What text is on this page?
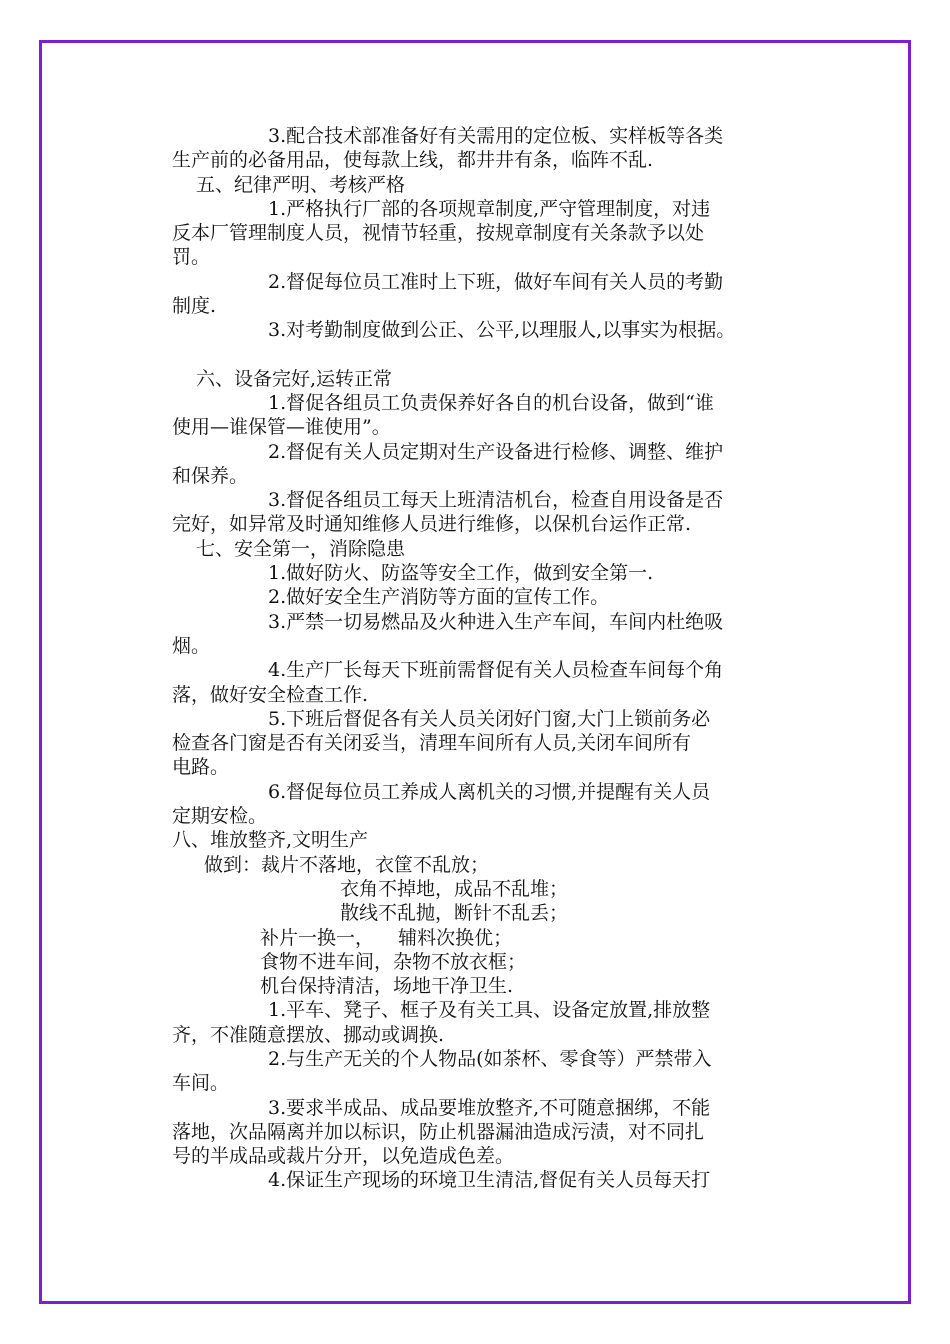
3.配合技术部准备好有关需用的定位板、实样板等各类

生产前的必备用品，使每款上线，都井井有条，临阵不乱.

五、纪律严明、考核严格

1.严格执行厂部的各项规章制度,严守管理制度，对违

反本厂管理制度人员，视情节轻重，按规章制度有关条款予以处

罚。

2.督促每位员工准时上下班，做好车间有关人员的考勤

制度.

3.对考勤制度做到公正、公平,以理服人,以事实为根据。

六、设备完好,运转正常

1.督促各组员工负责保养好各自的机台设备，做到“谁

使用—谁保管—谁使用”。

2.督促有关人员定期对生产设备进行检修、调整、维护

和保养。

3.督促各组员工每天上班清洁机台，检查自用设备是否

完好，如异常及时通知维修人员进行维修，以保机台运作正常.

七、安全第一，消除隐患

1.做好防火、防盗等安全工作，做到安全第一.

2.做好安全生产消防等方面的宣传工作。

3.严禁一切易燃品及火种进入生产车间，车间内杜绝吸

烟。

4.生产厂长每天下班前需督促有关人员检查车间每个角

落，做好安全检查工作.

5.下班后督促各有关人员关闭好门窗,大门上锁前务必

检查各门窗是否有关闭妥当，清理车间所有人员,关闭车间所有

电路。

6.督促每位员工养成人离机关的习惯,并提醒有关人员

定期安检。

八、堆放整齐,文明生产

做到：裁片不落地，衣筐不乱放；

衣角不掉地，成品不乱堆；

散线不乱抛，断针不乱丢；

补片一换一，    辅料次换优；

食物不进车间，杂物不放衣框；

机台保持清洁，场地干净卫生.

1.平车、凳子、框子及有关工具、设备定放置,排放整

齐，不准随意摆放、挪动或调换.

2.与生产无关的个人物品(如茶杯、零食等）严禁带入

车间。

3.要求半成品、成品要堆放整齐,不可随意捆绑，不能

落地，次品隔离并加以标识，防止机器漏油造成污渍，对不同扎

号的半成品或裁片分开，以免造成色差。

4.保证生产现场的环境卫生清洁,督促有关人员每天打
